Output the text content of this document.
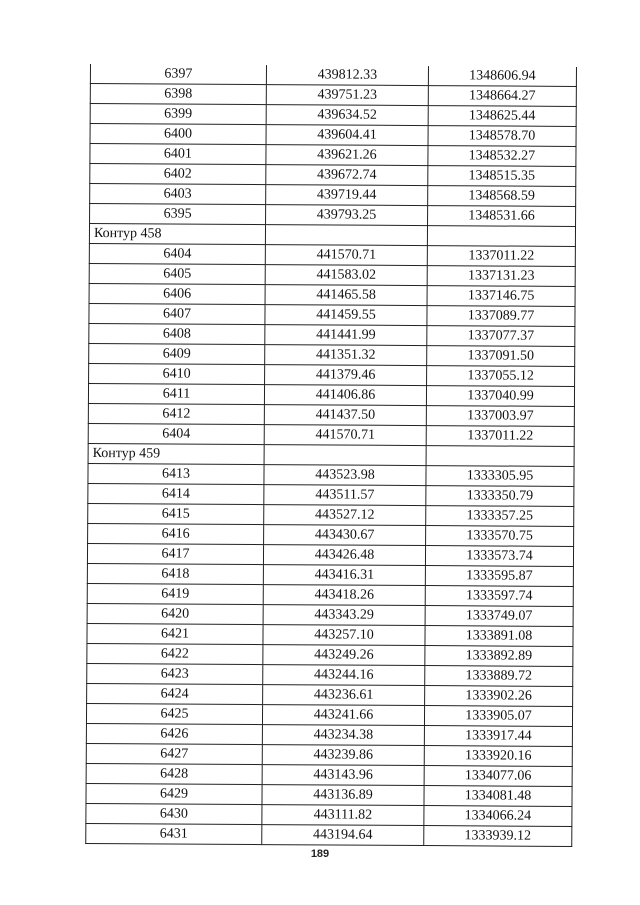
6397	439812.33	1348606.94
6398	439751.23	1348664.27
6399	439634.52	1348625.44
6400	439604.41	1348578.70
6401	439621.26	1348532.27
6402	439672.74	1348515.35
6403	439719.44	1348568.59
6395	439793.25	1348531.66
Контур 458		
6404	441570.71	1337011.22
6405	441583.02	1337131.23
6406	441465.58	1337146.75
6407	441459.55	1337089.77
6408	441441.99	1337077.37
6409	441351.32	1337091.50
6410	441379.46	1337055.12
6411	441406.86	1337040.99
6412	441437.50	1337003.97
6404	441570.71	1337011.22
Контур 459		
6413	443523.98	1333305.95
6414	443511.57	1333350.79
6415	443527.12	1333357.25
6416	443430.67	1333570.75
6417	443426.48	1333573.74
6418	443416.31	1333595.87
6419	443418.26	1333597.74
6420	443343.29	1333749.07
6421	443257.10	1333891.08
6422	443249.26	1333892.89
6423	443244.16	1333889.72
6424	443236.61	1333902.26
6425	443241.66	1333905.07
6426	443234.38	1333917.44
6427	443239.86	1333920.16
6428	443143.96	1334077.06
6429	443136.89	1334081.48
6430	443111.82	1334066.24
6431	443194.64	1333939.12
189
